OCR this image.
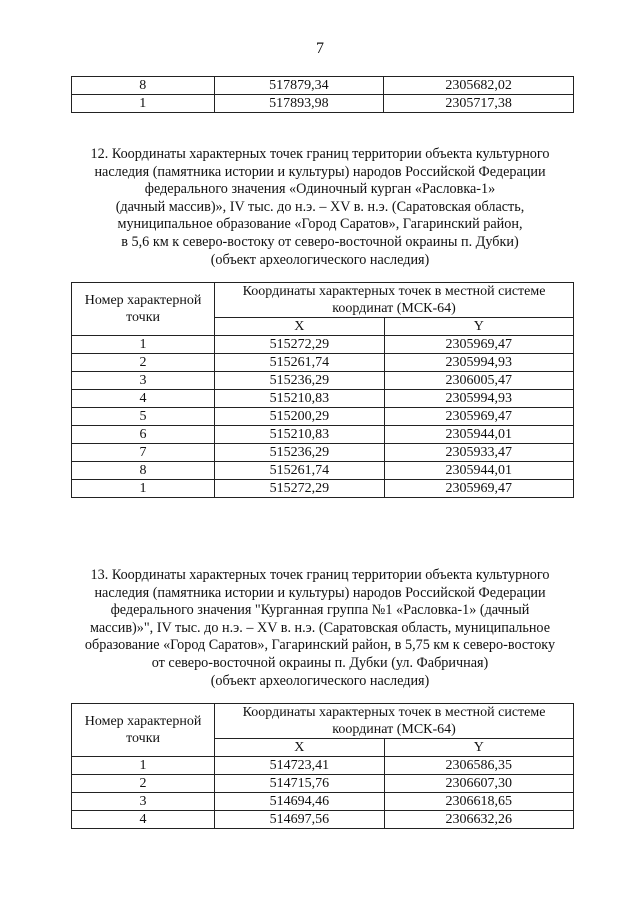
7
8	517879,34	2305682,02
1	517893,98	2305717,38
12. Координаты характерных точек границ территории объекта культурного
наследия (памятника истории и культуры) народов Российской Федерации
федерального значения «Одиночный курган «Расловка-1»
(дачный массив)», IV тыс. до н.э. – XV в. н.э. (Саратовская область,
муниципальное образование «Город Саратов», Гагаринский район,
в 5,6 км к северо-востоку от северо-восточной окраины п. Дубки)
(объект археологического наследия)
Номер характерной точки	Координаты характерных точек в местной системе координат (МСК-64)	
	X	Y
1	515272,29	2305969,47
2	515261,74	2305994,93
3	515236,29	2306005,47
4	515210,83	2305994,93
5	515200,29	2305969,47
6	515210,83	2305944,01
7	515236,29	2305933,47
8	515261,74	2305944,01
1	515272,29	2305969,47
13. Координаты характерных точек границ территории объекта культурного
наследия (памятника истории и культуры) народов Российской Федерации
федерального значения "Курганная группа №1 «Расловка-1» (дачный
массив)»", IV тыс. до н.э. – XV в. н.э. (Саратовская область, муниципальное
образование «Город Саратов», Гагаринский район, в 5,75 км к северо-востоку
от северо-восточной окраины п. Дубки (ул. Фабричная)
(объект археологического наследия)
Номер характерной точки	Координаты характерных точек в местной системе координат (МСК-64)	
	X	Y
1	514723,41	2306586,35
2	514715,76	2306607,30
3	514694,46	2306618,65
4	514697,56	2306632,26
